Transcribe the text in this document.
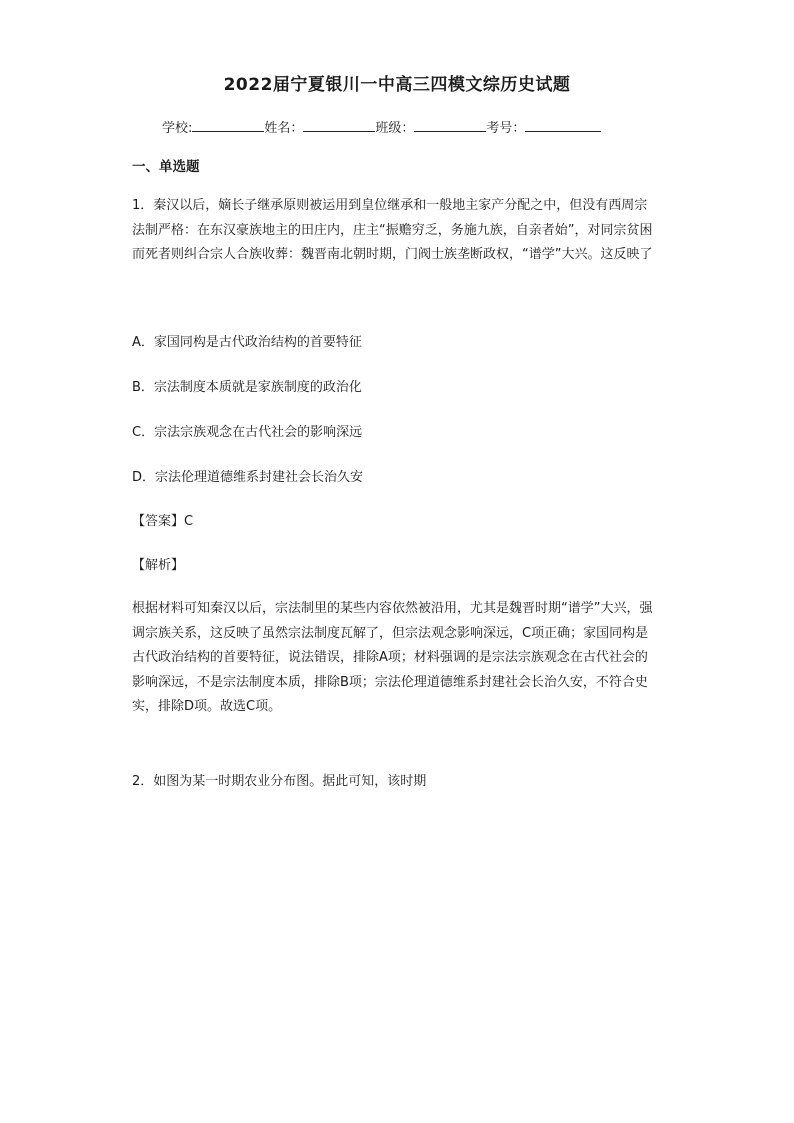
2022届宁夏银川一中高三四模文综历史试题
学校:	姓名：	班级：	考号：
一、单选题
1．秦汉以后，嫡长子继承原则被运用到皇位继承和一般地主家产分配之中，但没有西周宗法制严格：在东汉豪族地主的田庄内，庄主“振赡穷乏，务施九族，自亲者始”，对同宗贫困而死者则纠合宗人合族收葬：魏晋南北朝时期，门阀士族垄断政权，“谱学”大兴。这反映了
A．家国同构是古代政治结构的首要特征
B．宗法制度本质就是家族制度的政治化
C．宗法宗族观念在古代社会的影响深远
D．宗法伦理道德维系封建社会长治久安
【答案】C
【解析】
根据材料可知秦汉以后，宗法制里的某些内容依然被沿用，尤其是魏晋时期“谱学”大兴，强调宗族关系，这反映了虽然宗法制度瓦解了，但宗法观念影响深远，C项正确；家国同构是古代政治结构的首要特征，说法错误，排除A项；材料强调的是宗法宗族观念在古代社会的影响深远，不是宗法制度本质，排除B项；宗法伦理道德维系封建社会长治久安，不符合史实，排除D项。故选C项。
2．如图为某一时期农业分布图。据此可知，该时期
